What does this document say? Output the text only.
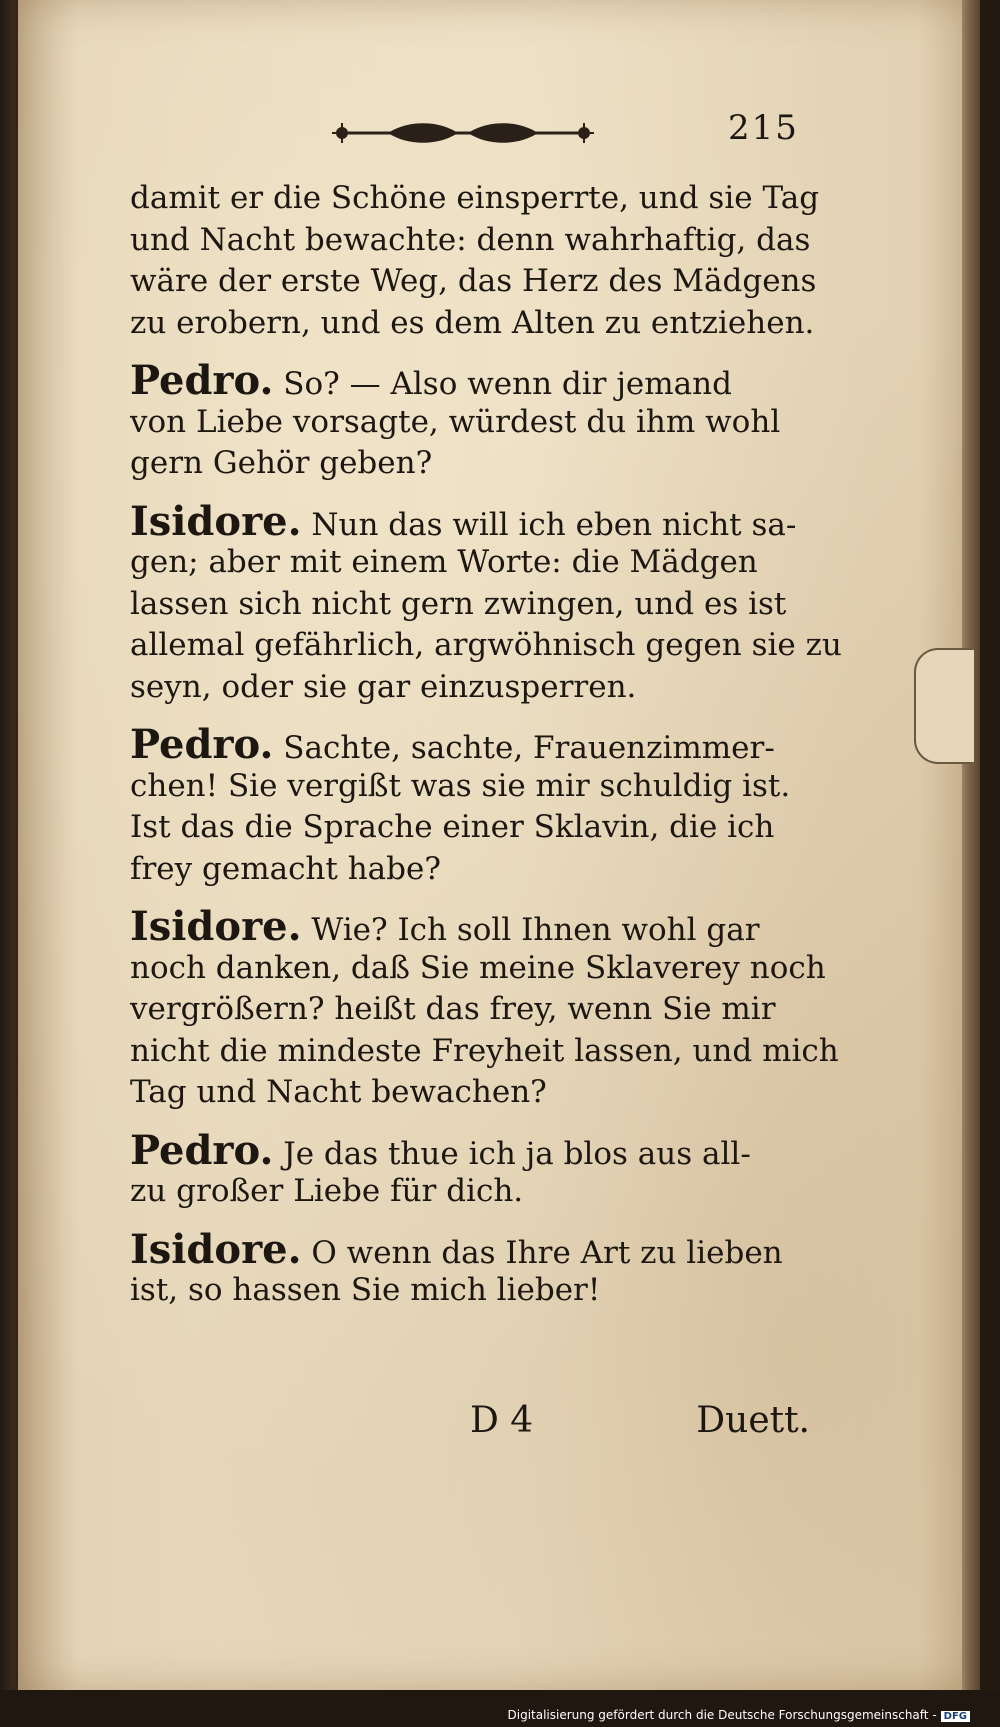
215
damit er die Schöne einsperrte, und sie Tag
und Nacht bewachte: denn wahrhaftig, das
wäre der erste Weg, das Herz des Mädgens
zu erobern, und es dem Alten zu entziehen.
Pedro. So? — Also wenn dir jemand
von Liebe vorsagte, würdest du ihm wohl
gern Gehör geben?
Isidore. Nun das will ich eben nicht sa-
gen; aber mit einem Worte: die Mädgen
lassen sich nicht gern zwingen, und es ist
allemal gefährlich, argwöhnisch gegen sie zu
seyn, oder sie gar einzusperren.
Pedro. Sachte, sachte, Frauenzimmer-
chen! Sie vergißt was sie mir schuldig ist.
Ist das die Sprache einer Sklavin, die ich
frey gemacht habe?
Isidore. Wie? Ich soll Ihnen wohl gar
noch danken, daß Sie meine Sklaverey noch
vergrößern? heißt das frey, wenn Sie mir
nicht die mindeste Freyheit lassen, und mich
Tag und Nacht bewachen?
Pedro. Je das thue ich ja blos aus all-
zu großer Liebe für dich.
Isidore. O wenn das Ihre Art zu lieben
ist, so hassen Sie mich lieber!
D 4	Duett.
Digitalisierung gefördert durch die Deutsche Forschungsgemeinschaft - DFG
